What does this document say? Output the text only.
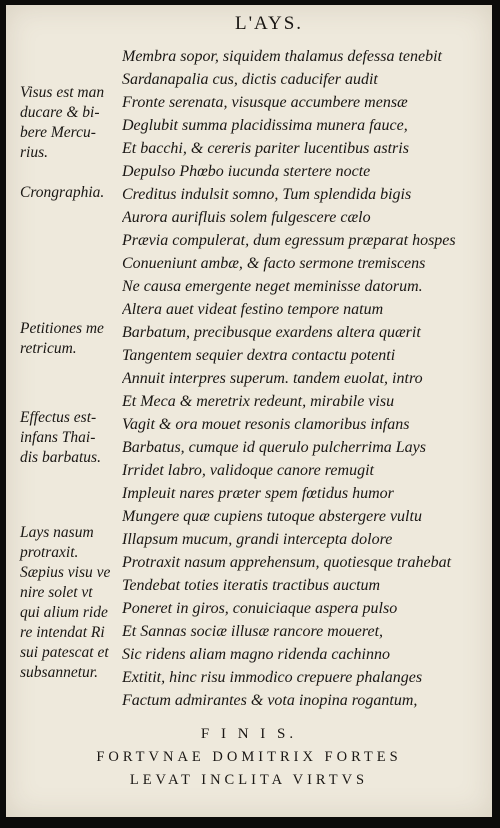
L'AYS.
Membra sopor, siquidem thalamus defessa tenebit
Sardanapalia cus, dictis caducifer audit
Fronte serenata, visusque accumbere mensæ
Deglubit summa placidissima munera fauce,
Et bacchi, & cereris pariter lucentibus astris
Depulso Phœbo iucunda stertere nocte
Creditus indulsit somno, Tum splendida bigis
Aurora aurifluis solem fulgescere cælo
Prævia compulerat, dum egressum præparat hospes
Conueniunt ambæ, & facto sermone tremiscens
Ne causa emergente neget meminisse datorum.
Altera auet videat festino tempore natum
Barbatum, precibusque exardens altera quærit
Tangentem sequier dextra contactu potenti
Annuit interpres superum. tandem euolat, intro
Et Meca & meretrix redeunt, mirabile visu
Vagit & ora mouet resonis clamoribus infans
Barbatus, cumque id querulo pulcherrima Lays
Irridet labro, validoque canore remugit
Impleuit nares præter spem fœtidus humor
Mungere quæ cupiens tutoque abstergere vultu
Illapsum mucum, grandi intercepta dolore
Protraxit nasum apprehensum, quotiesque trahebat
Tendebat toties iteratis tractibus auctum
Poneret in giros, conuiciaque aspera pulso
Et Sannas sociæ illusæ rancore moueret,
Sic ridens aliam magno ridenda cachinno
Extitit, hinc risu immodico crepuere phalanges
Factum admirantes & vota inopina rogantum,
Visus est man
ducare & bi-
bere Mercu-
rius.
Crongraphia.
Petitiones me
retricum.
Effectus est-
infans Thai-
dis barbatus.
Lays nasum
protraxit.
Sæpius visu ve
nire solet vt
qui alium ride
re intendat Ri
sui patescat et
subsannetur.
F I N I S.
FORTVNAE DOMITRIX FORTES
LEVAT INCLITA VIRTVS
